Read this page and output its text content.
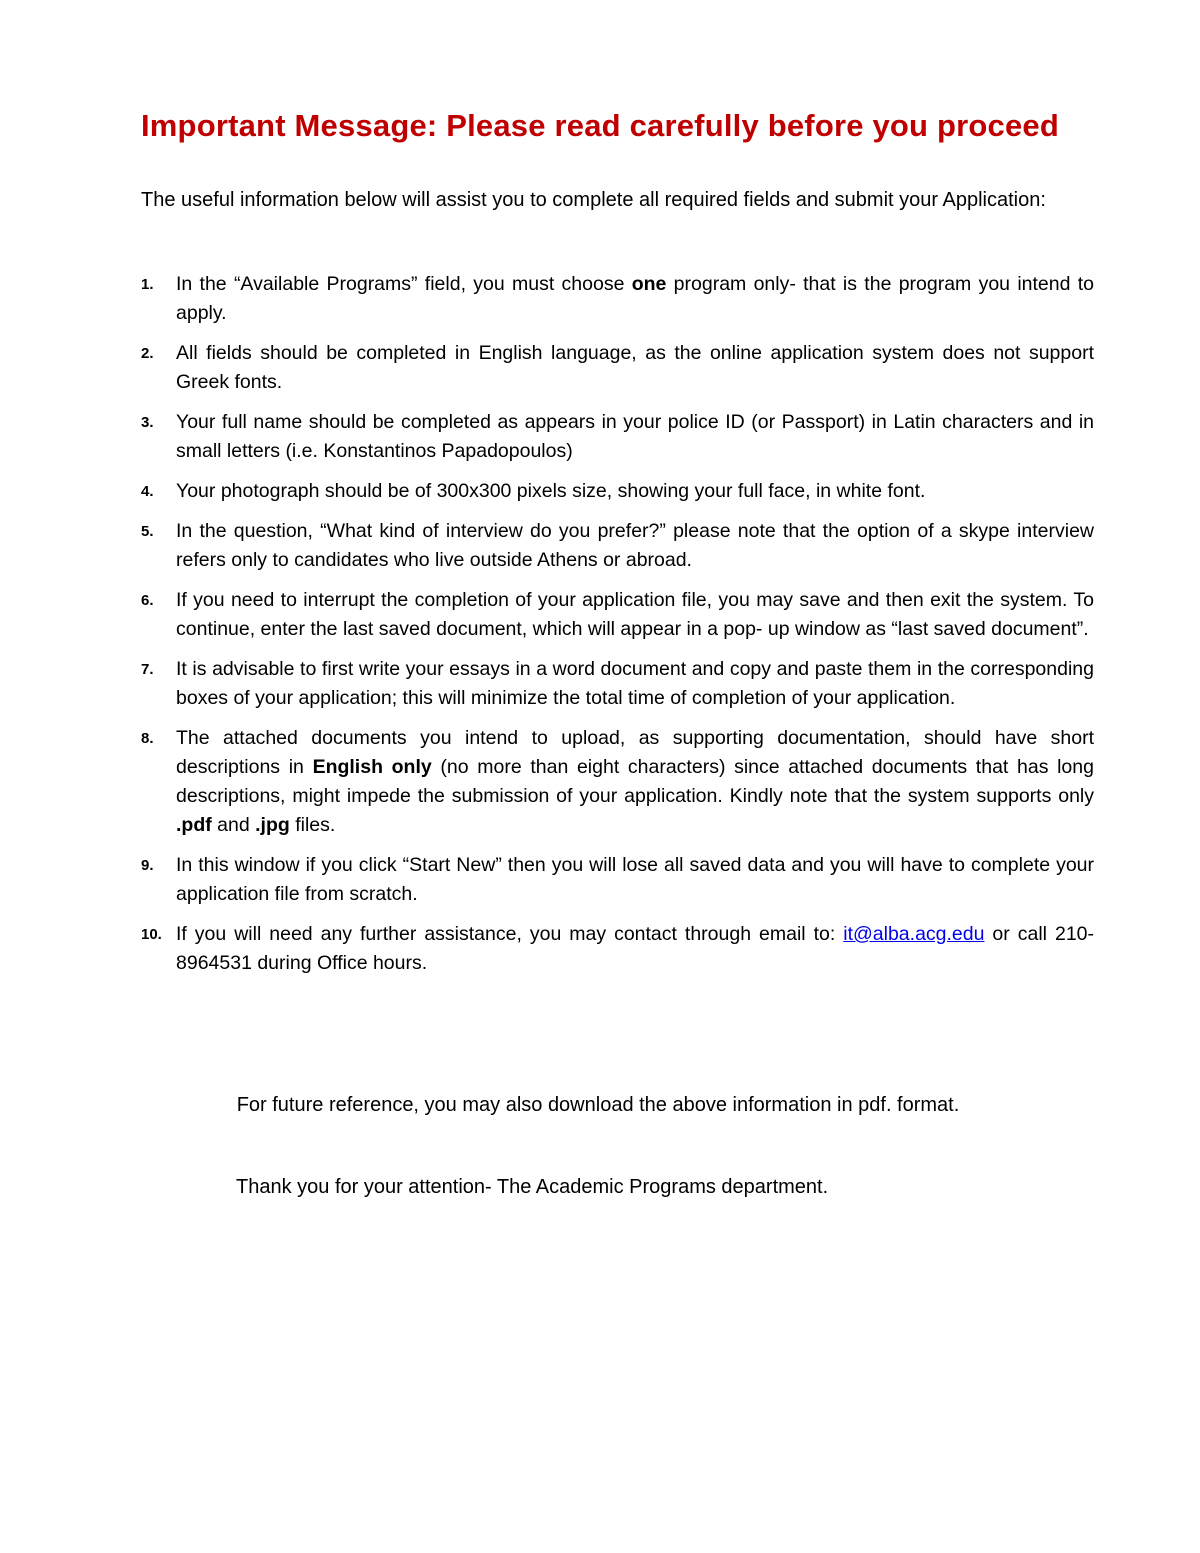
Important Message: Please read carefully before you proceed

The useful information below will assist you to complete all required fields and submit your Application:

1. In the “Available Programs” field, you must choose one program only- that is the program you intend to apply.
2. All fields should be completed in English language, as the online application system does not support Greek fonts.
3. Your full name should be completed as appears in your police ID (or Passport) in Latin characters and in small letters (i.e. Konstantinos Papadopoulos)
4. Your photograph should be of 300x300 pixels size, showing your full face, in white font.
5. In the question, “What kind of interview do you prefer?” please note that the option of a skype interview refers only to candidates who live outside Athens or abroad.
6. If you need to interrupt the completion of your application file, you may save and then exit the system. To continue, enter the last saved document, which will appear in a pop- up window as “last saved document”.
7. It is advisable to first write your essays in a word document and copy and paste them in the corresponding boxes of your application; this will minimize the total time of completion of your application.
8. The attached documents you intend to upload, as supporting documentation, should have short descriptions in English only (no more than eight characters) since attached documents that has long descriptions, might impede the submission of your application. Kindly note that the system supports only .pdf and .jpg files.
9. In this window if you click “Start New” then you will lose all saved data and you will have to complete your application file from scratch.
10. If you will need any further assistance, you may contact through email to: it@alba.acg.edu or call 210- 8964531 during Office hours.
For future reference, you may also download the above information in pdf. format.
Thank you for your attention- The Academic Programs department.
